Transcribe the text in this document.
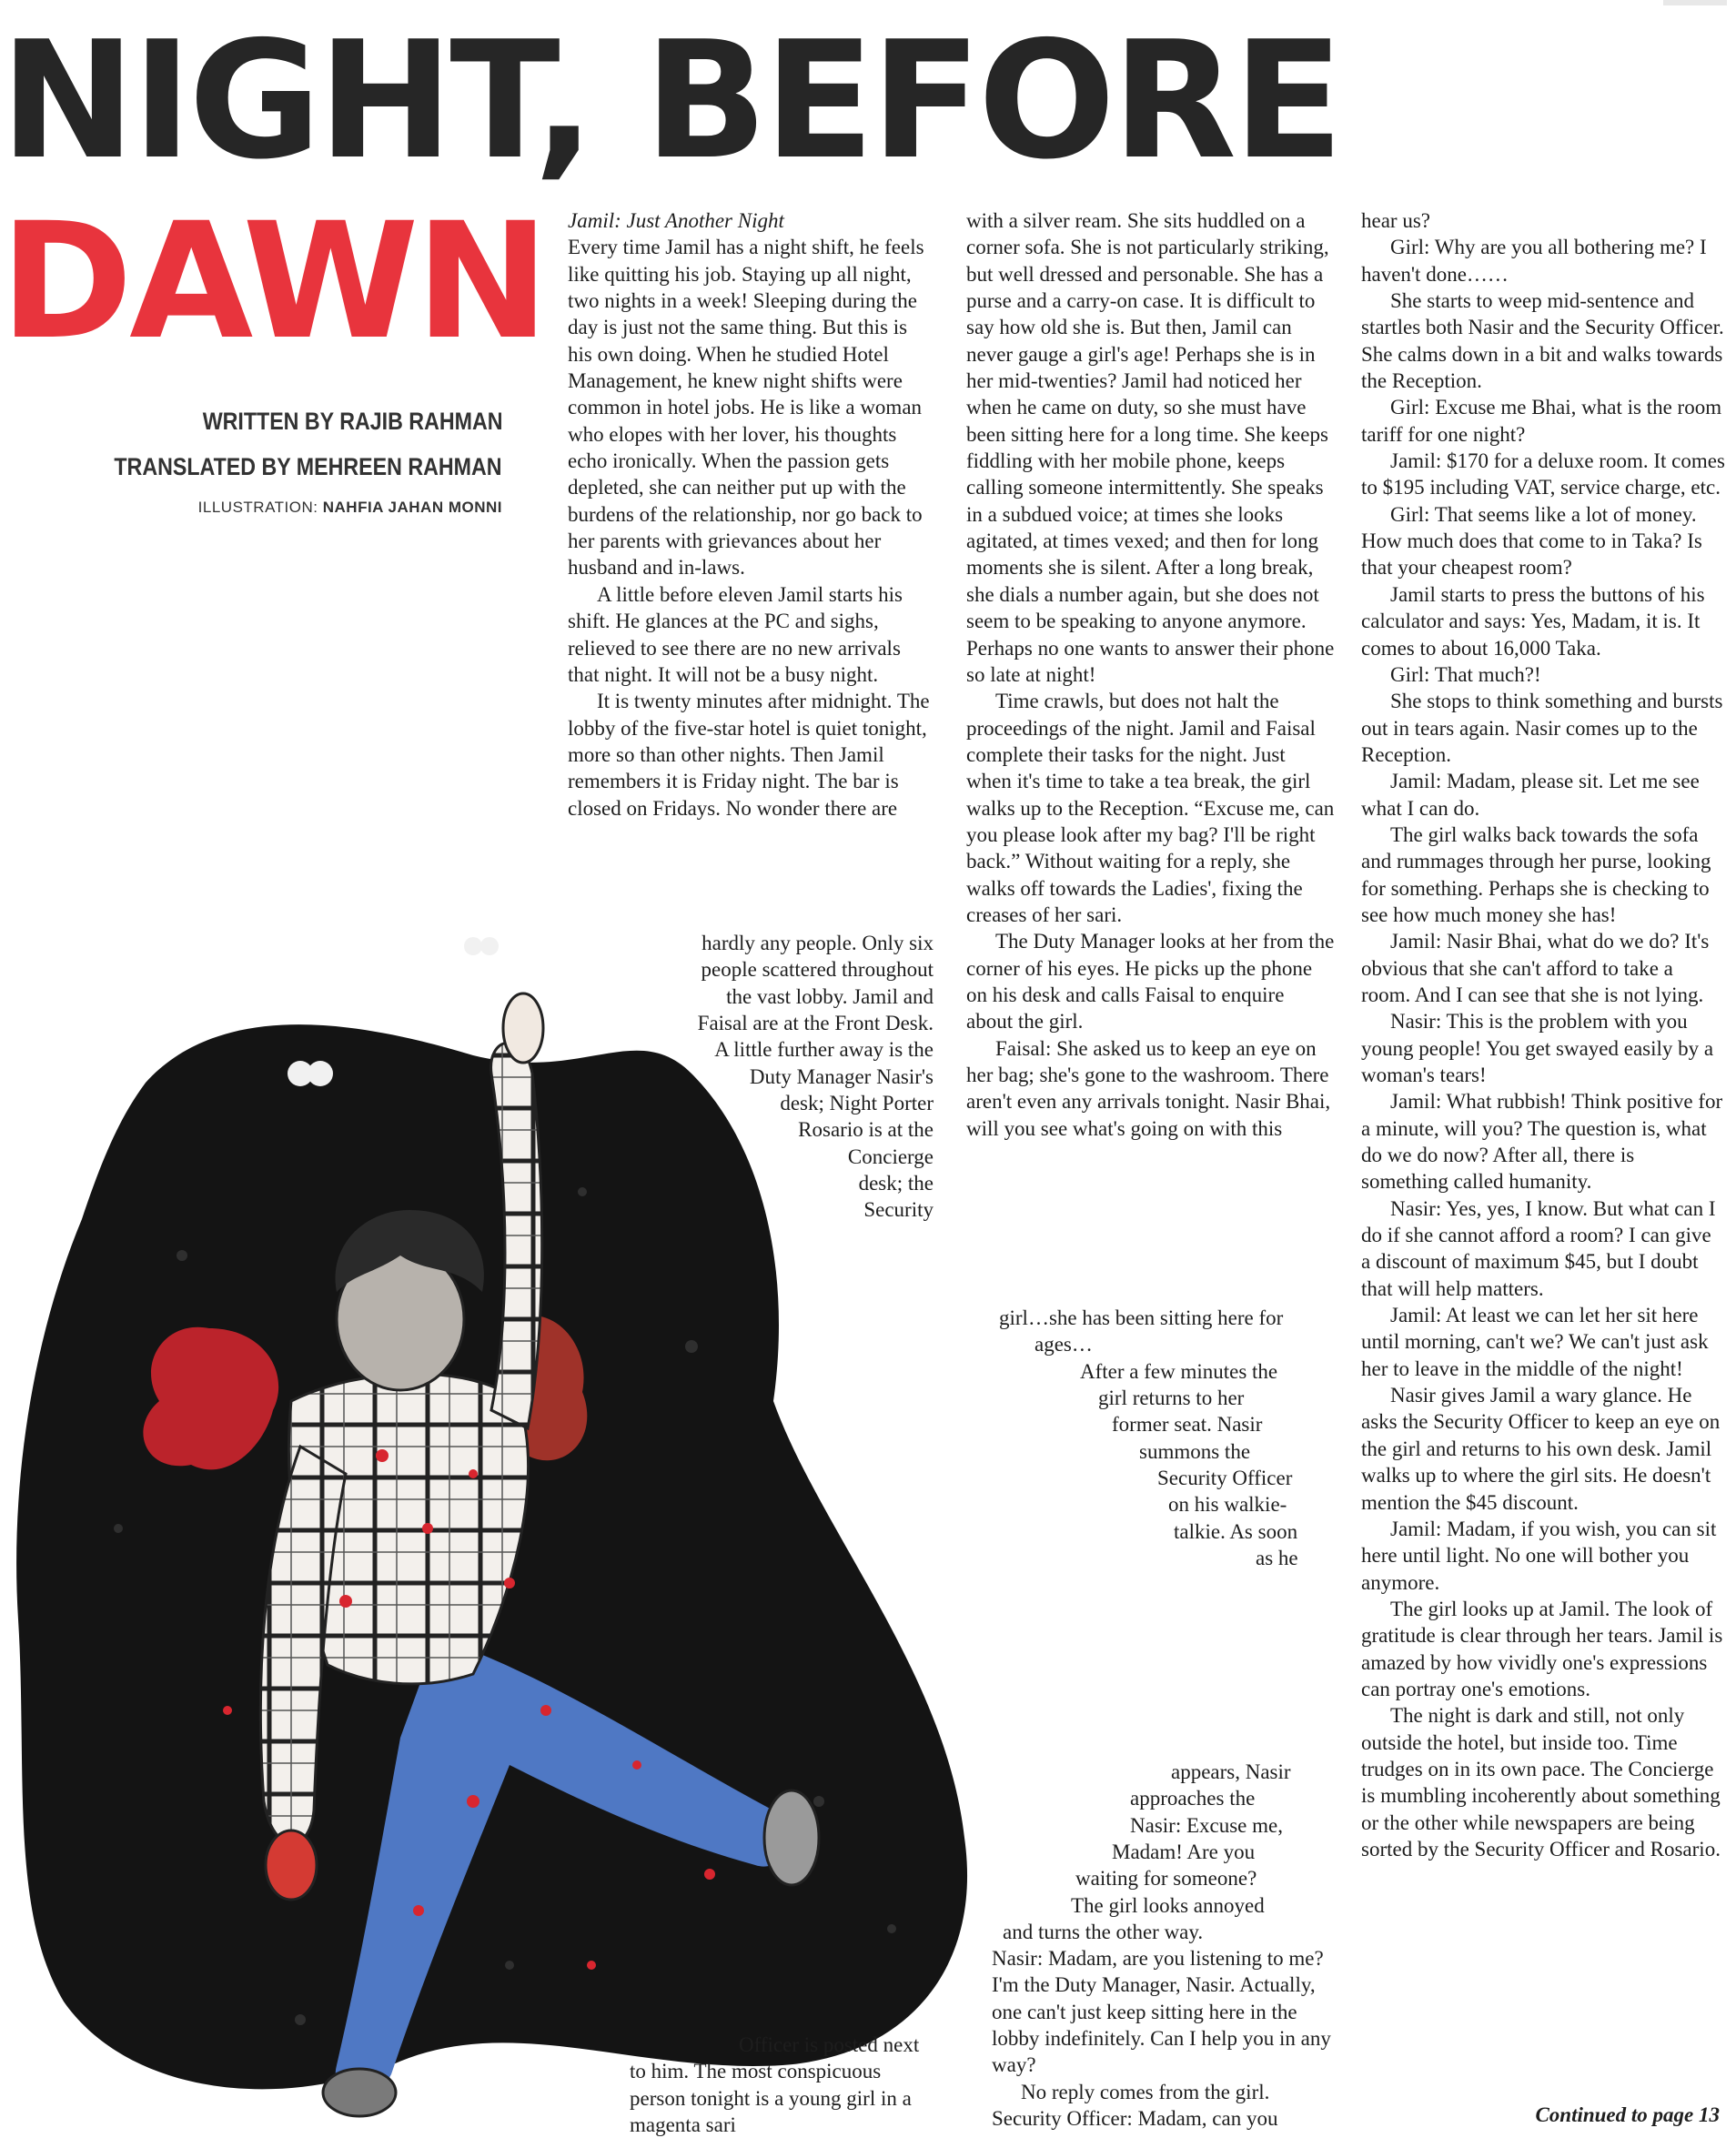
NIGHT, BEFORE
DAWN
WRITTEN BY RAJIB RAHMAN
TRANSLATED BY MEHREEN RAHMAN
ILLUSTRATION: NAHFIA JAHAN MONNI

Jamil: Just Another Night

Every time Jamil has a night shift, he feels like quitting his job. Staying up all night, two nights in a week! Sleeping during the day is just not the same thing. But this is his own doing. When he studied Hotel Management, he knew night shifts were common in hotel jobs. He is like a woman who elopes with her lover, his thoughts echo ironically. When the passion gets depleted, she can neither put up with the burdens of the relationship, nor go back to her parents with grievances about her husband and in-laws.

A little before eleven Jamil starts his shift. He glances at the PC and sighs, relieved to see there are no new arrivals that night. It will not be a busy night.

It is twenty minutes after midnight. The lobby of the five-star hotel is quiet tonight, more so than other nights. Then Jamil remembers it is Friday night. The bar is closed on Fridays. No wonder there are

hardly any people. Only six
people scattered throughout
the vast lobby. Jamil and
Faisal are at the Front Desk.
A little further away is the
Duty Manager Nasir's
desk; Night Porter
Rosario is at the
Concierge
desk; the
Security

Officer is posted next to him. The most conspicuous person tonight is a young girl in a magenta sari

with a silver ream. She sits huddled on a corner sofa. She is not particularly striking, but well dressed and personable. She has a purse and a carry-on case. It is difficult to say how old she is. But then, Jamil can never gauge a girl's age! Perhaps she is in her mid-twenties? Jamil had noticed her when he came on duty, so she must have been sitting here for a long time. She keeps fiddling with her mobile phone, keeps calling someone intermittently. She speaks in a subdued voice; at times she looks agitated, at times vexed; and then for long moments she is silent. After a long break, she dials a number again, but she does not seem to be speaking to anyone anymore. Perhaps no one wants to answer their phone so late at night!

Time crawls, but does not halt the proceedings of the night. Jamil and Faisal complete their tasks for the night. Just when it's time to take a tea break, the girl walks up to the Reception. “Excuse me, can you please look after my bag? I'll be right back.” Without waiting for a reply, she walks off towards the Ladies', fixing the creases of her sari.

The Duty Manager looks at her from the corner of his eyes. He picks up the phone on his desk and calls Faisal to enquire about the girl.

Faisal: She asked us to keep an eye on her bag; she's gone to the washroom. There aren't even any arrivals tonight. Nasir Bhai, will you see what's going on with this

girl…she has been sitting here for
ages…
After a few minutes the
girl returns to her
former seat. Nasir
summons the
Security Officer
on his walkie-
talkie. As soon
as he
appears, Nasir
approaches the
Nasir: Excuse me,
Madam! Are you
waiting for someone?
The girl looks annoyed
and turns the other way.

Nasir: Madam, are you listening to me? I'm the Duty Manager, Nasir. Actually, one can't just keep sitting here in the lobby indefinitely. Can I help you in any way?

No reply comes from the girl.

Security Officer: Madam, can you

hear us?

Girl: Why are you all bothering me? I haven't done……

She starts to weep mid-sentence and startles both Nasir and the Security Officer. She calms down in a bit and walks towards the Reception.

Girl: Excuse me Bhai, what is the room tariff for one night?

Jamil: $170 for a deluxe room. It comes to $195 including VAT, service charge, etc.

Girl: That seems like a lot of money. How much does that come to in Taka? Is that your cheapest room?

Jamil starts to press the buttons of his calculator and says: Yes, Madam, it is. It comes to about 16,000 Taka.

Girl: That much?!

She stops to think something and bursts out in tears again. Nasir comes up to the Reception.

Jamil: Madam, please sit. Let me see what I can do.

The girl walks back towards the sofa and rummages through her purse, looking for something. Perhaps she is checking to see how much money she has!

Jamil: Nasir Bhai, what do we do? It's obvious that she can't afford to take a room. And I can see that she is not lying.

Nasir: This is the problem with you young people! You get swayed easily by a woman's tears!

Jamil: What rubbish! Think positive for a minute, will you? The question is, what do we do now? After all, there is something called humanity.

Nasir: Yes, yes, I know. But what can I do if she cannot afford a room? I can give a discount of maximum $45, but I doubt that will help matters.

Jamil: At least we can let her sit here until morning, can't we? We can't just ask her to leave in the middle of the night!

Nasir gives Jamil a wary glance. He asks the Security Officer to keep an eye on the girl and returns to his own desk. Jamil walks up to where the girl sits. He doesn't mention the $45 discount.

Jamil: Madam, if you wish, you can sit here until light. No one will bother you anymore.

The girl looks up at Jamil. The look of gratitude is clear through her tears. Jamil is amazed by how vividly one's expressions can portray one's emotions.

The night is dark and still, not only outside the hotel, but inside too. Time trudges on in its own pace. The Concierge is mumbling incoherently about something or the other while newspapers are being sorted by the Security Officer and Rosario.

Continued to page 13
